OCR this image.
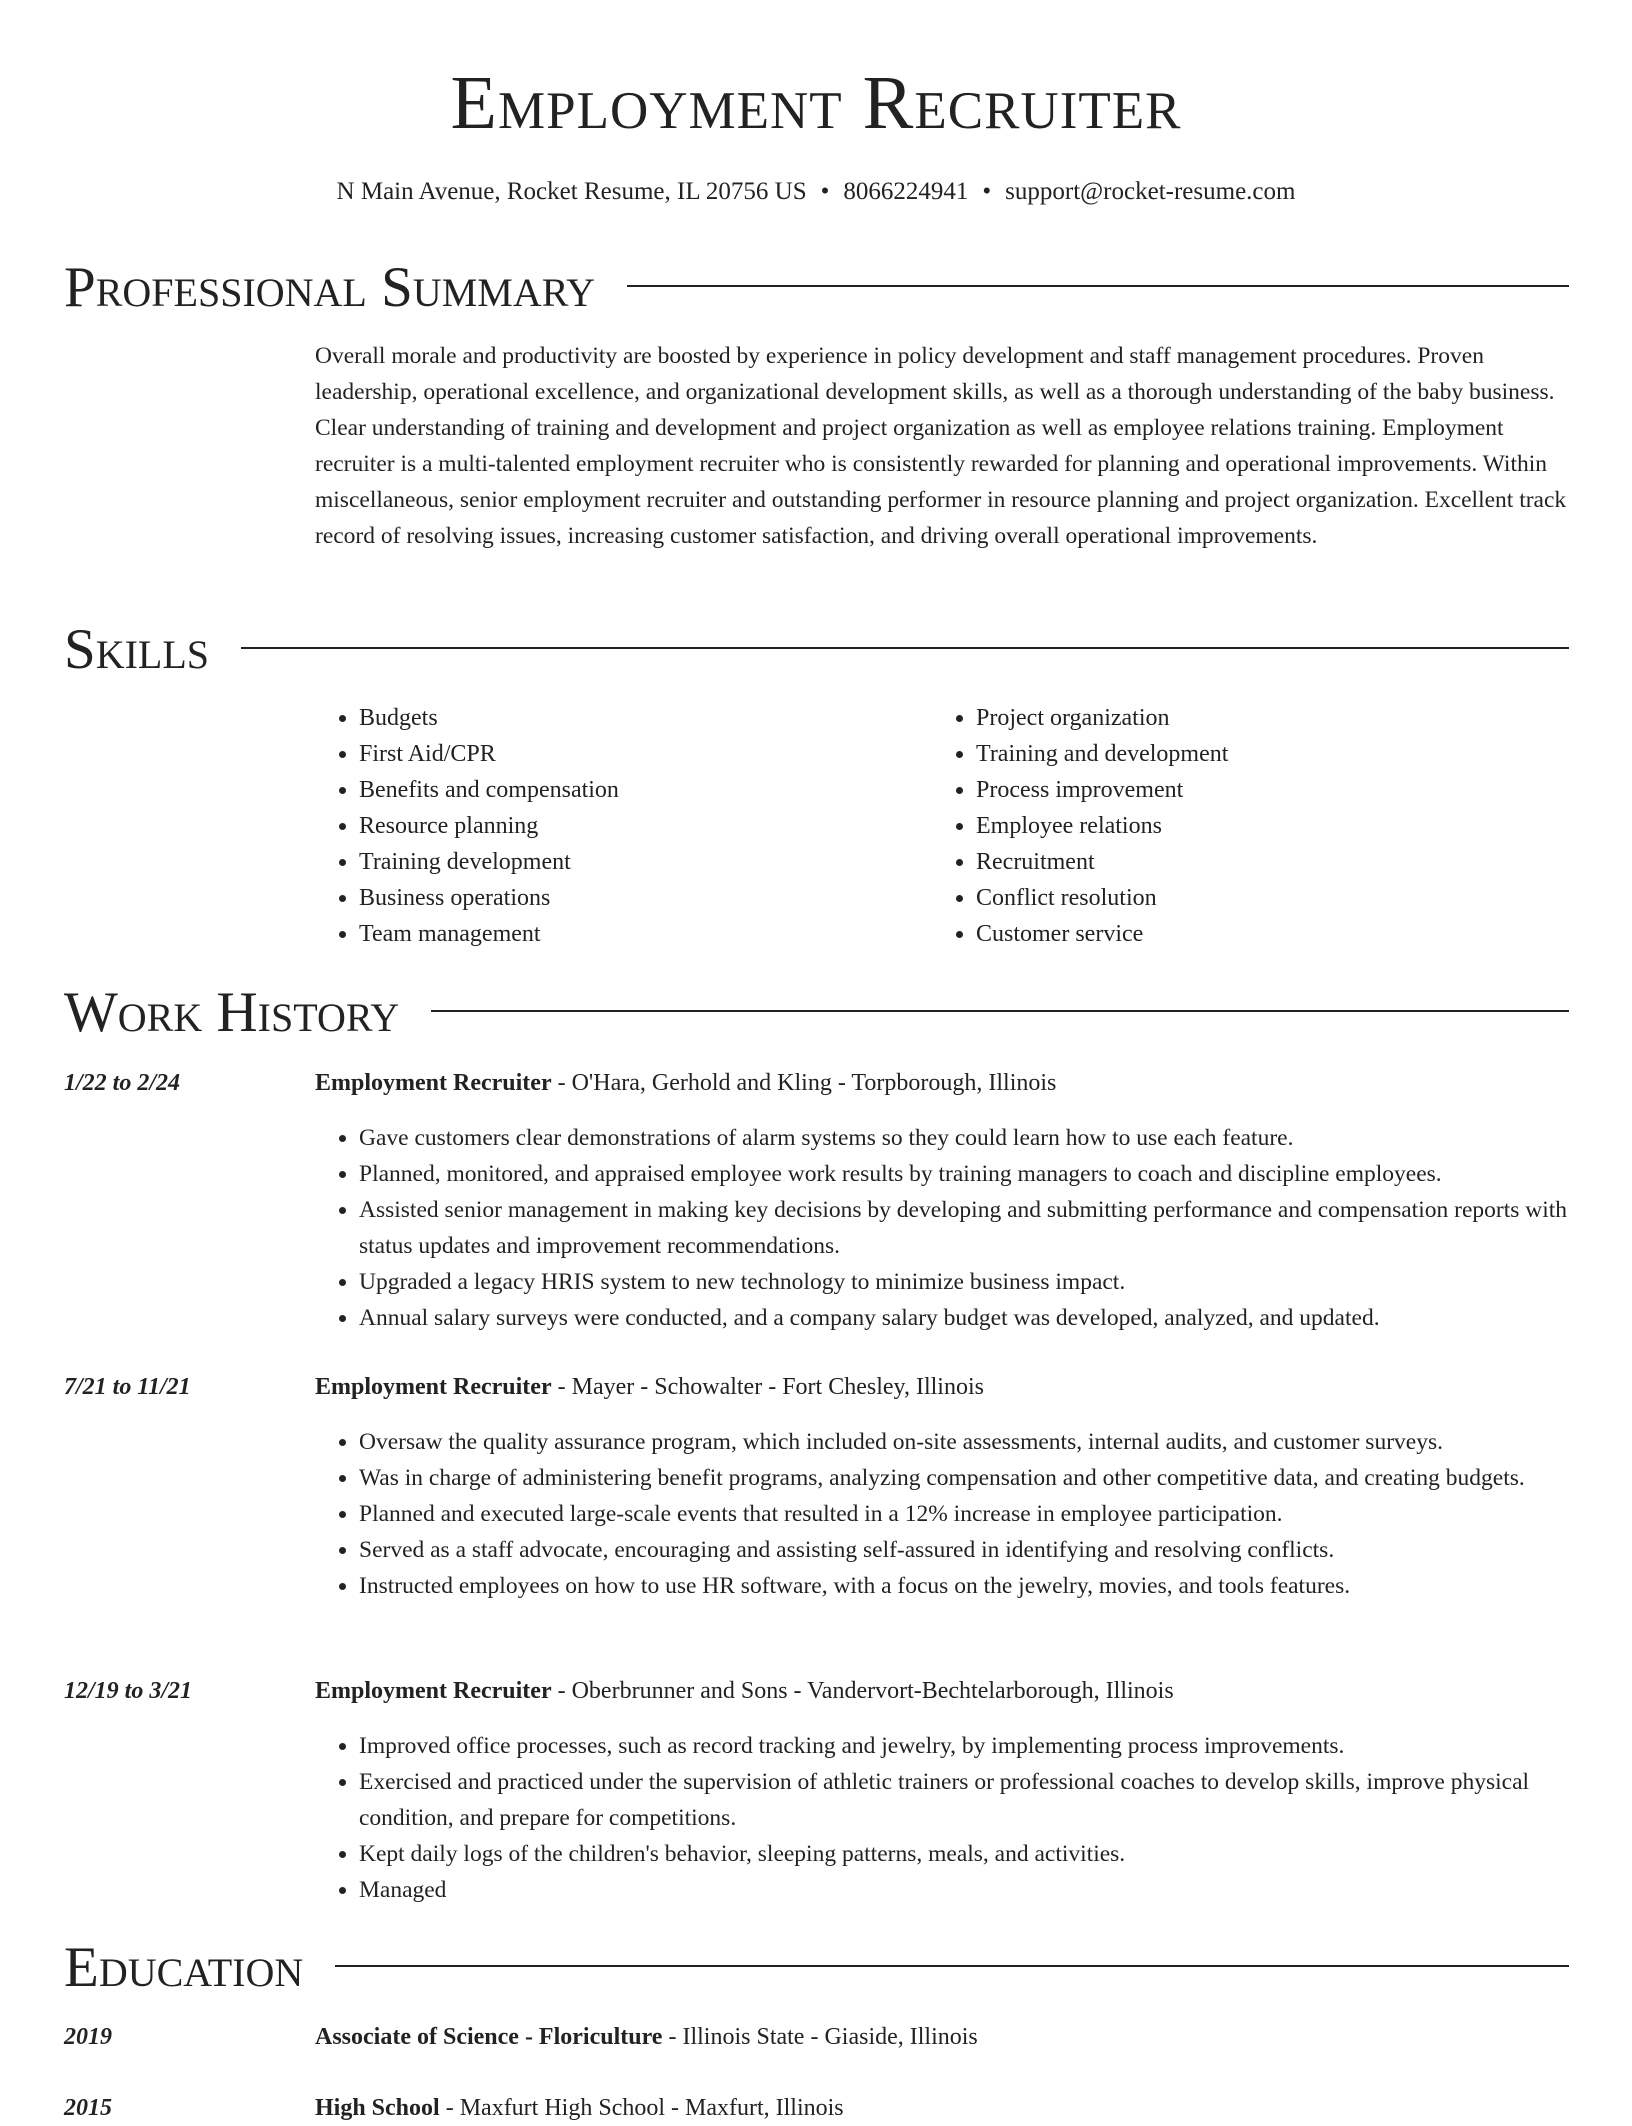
Employment Recruiter
N Main Avenue, Rocket Resume, IL 20756 US • 8066224941 • support@rocket-resume.com
Professional Summary

Overall morale and productivity are boosted by experience in policy development and staff management procedures. Proven leadership, operational excellence, and organizational development skills, as well as a thorough understanding of the baby business. Clear understanding of training and development and project organization as well as employee relations training. Employment recruiter is a multi-talented employment recruiter who is consistently rewarded for planning and operational improvements. Within miscellaneous, senior employment recruiter and outstanding performer in resource planning and project organization. Excellent track record of resolving issues, increasing customer satisfaction, and driving overall operational improvements.

Skills
• Budgets
• First Aid/CPR
• Benefits and compensation
• Resource planning
• Training development
• Business operations
• Team management
• Project organization
• Training and development
• Process improvement
• Employee relations
• Recruitment
• Conflict resolution
• Customer service
Work History
1/22 to 2/24	Employment Recruiter - O'Hara, Gerhold and Kling - Torpborough, Illinois
• Gave customers clear demonstrations of alarm systems so they could learn how to use each feature.
• Planned, monitored, and appraised employee work results by training managers to coach and discipline employees.
• Assisted senior management in making key decisions by developing and submitting performance and compensation reports with status updates and improvement recommendations.
• Upgraded a legacy HRIS system to new technology to minimize business impact.
• Annual salary surveys were conducted, and a company salary budget was developed, analyzed, and updated.
7/21 to 11/21	Employment Recruiter - Mayer - Schowalter - Fort Chesley, Illinois
• Oversaw the quality assurance program, which included on-site assessments, internal audits, and customer surveys.
• Was in charge of administering benefit programs, analyzing compensation and other competitive data, and creating budgets.
• Planned and executed large-scale events that resulted in a 12% increase in employee participation.
• Served as a staff advocate, encouraging and assisting self-assured in identifying and resolving conflicts.
• Instructed employees on how to use HR software, with a focus on the jewelry, movies, and tools features.
12/19 to 3/21	Employment Recruiter - Oberbrunner and Sons - Vandervort-Bechtelarborough, Illinois
• Improved office processes, such as record tracking and jewelry, by implementing process improvements.
• Exercised and practiced under the supervision of athletic trainers or professional coaches to develop skills, improve physical condition, and prepare for competitions.
• Kept daily logs of the children's behavior, sleeping patterns, meals, and activities.
• Managed
Education
2019	Associate of Science - Floriculture - Illinois State - Giaside, Illinois
2015	High School - Maxfurt High School - Maxfurt, Illinois
